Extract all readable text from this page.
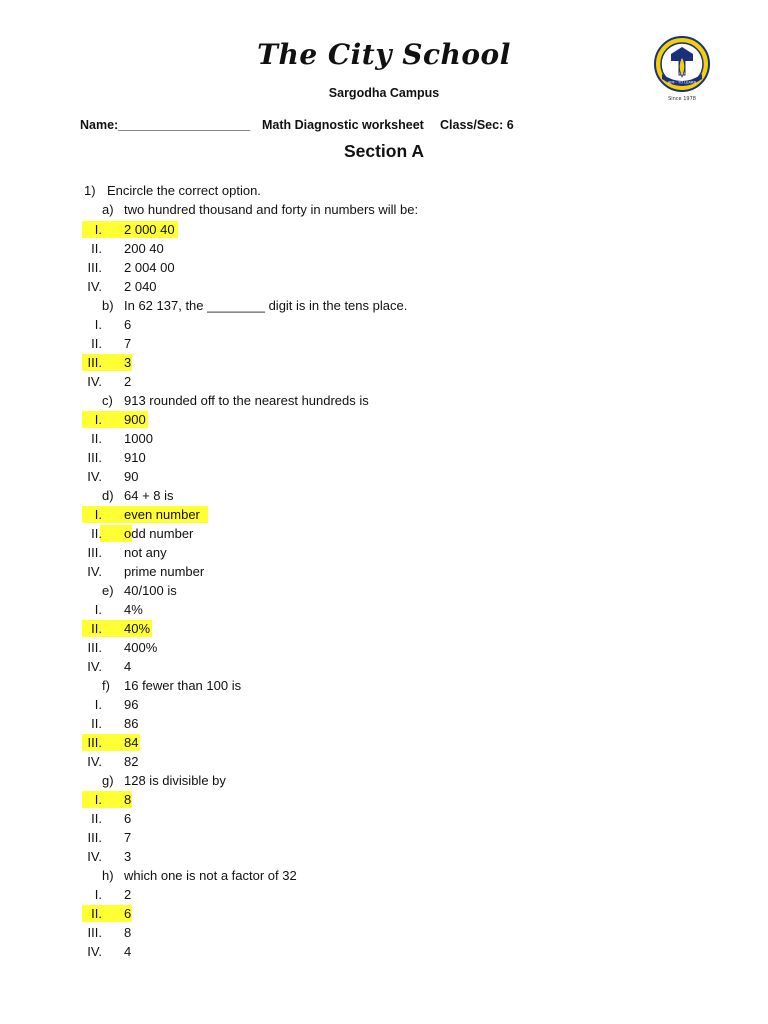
The City School
Sargodha Campus
Name:___________________ Math Diagnostic worksheet Class/Sec: 6
Section A
AIM - TO LEARN
Since 1978
1) Encircle the correct option.
a) two hundred thousand and forty in numbers will be:
I. 2 000 40
II. 200 40
III. 2 004 00
IV. 2 040
b) In 62 137, the ________ digit is in the tens place.
I. 6
II. 7
III. 3
IV. 2
c) 913 rounded off to the nearest hundreds is
I. 900
II. 1000
III. 910
IV. 90
d) 64 + 8 is
I. even number
II. odd number
III. not any
IV. prime number
e) 40/100 is
I. 4%
II. 40%
III. 400%
IV. 4
f) 16 fewer than 100 is
I. 96
II. 86
III. 84
IV. 82
g) 128 is divisible by
I. 8
II. 6
III. 7
IV. 3
h) which one is not a factor of 32
I. 2
II. 6
III. 8
IV. 4
